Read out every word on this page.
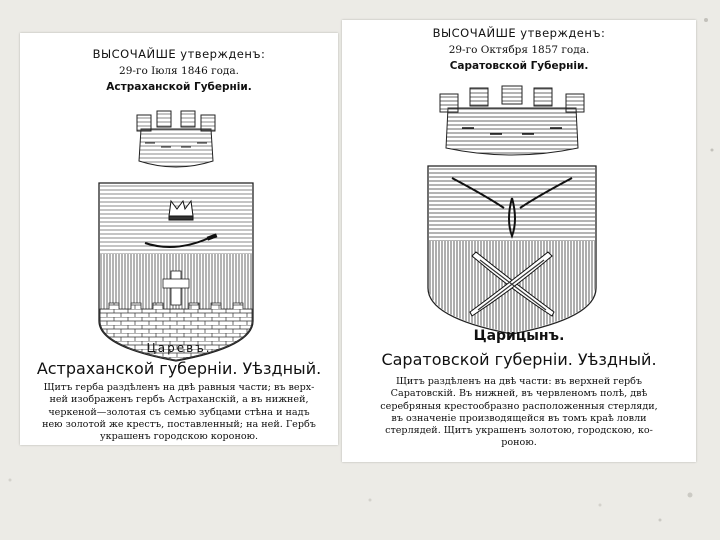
ВЫСОЧАЙШЕ утвержденъ:
29-го Іюля 1846 года.
Астраханской Губерніи.
Царевъ.
Астраханской губерніи. Уѣздный.
Щитъ герба раздѣленъ на двѣ равныя части; въ верх-
ней изображенъ гербъ Астраханскій, а въ нижней,
черкеной—золотая съ семью зубцами стѣна и надъ
нею золотой же крестъ, поставленный; на ней. Гербъ
украшенъ городскою короною.
ВЫСОЧАЙШЕ утвержденъ:
29-го Октября 1857 года.
Саратовской Губерніи.
Царицынъ.
Саратовской губерніи. Уѣздный.
Щитъ раздѣленъ на двѣ части: въ верхней гербъ
Саратовскій. Въ нижней, въ червленомъ полѣ, двѣ
серебряныя крестообразно расположенныя стерляди,
въ означеніе производящейся въ томъ краѣ ловли
стерлядей. Щитъ украшенъ золотою, городскою, ко-
роною.
